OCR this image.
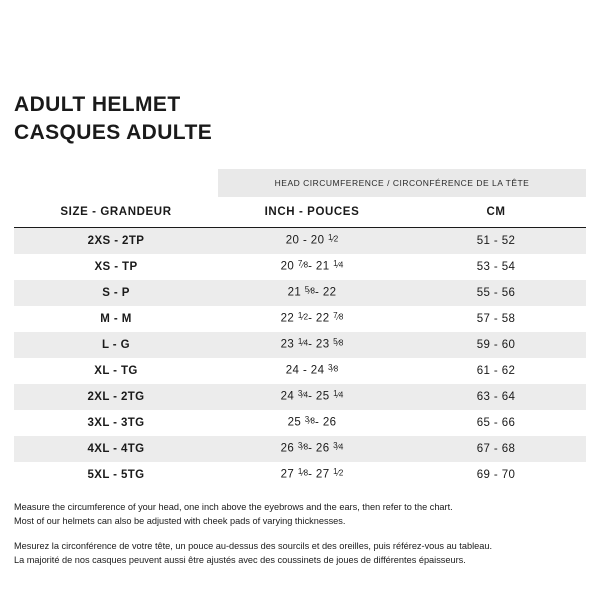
ADULT HELMET
CASQUES ADULTE
	HEAD CIRCUMFERENCE / CIRCONFÉRENCE DE LA TÊTE	
SIZE - GRANDEUR	INCH - POUCES	CM
2XS - 2TP	20 - 20 $^1⁄_2$	51 - 52
XS - TP	20 $^7⁄_8-$ 21 $^1⁄_4$	53 - 54
S - P	21 $^5⁄_8-$ 22	55 - 56
M - M	22 $^1⁄_2-$ 22 $^7⁄_8$	57 - 58
L - G	23 $^1⁄_4-$ 23 $^5⁄_8$	59 - 60
XL - TG	24 - 24 $^3⁄_8$	61 - 62
2XL - 2TG	24 $^3⁄_4-$ 25 $^1⁄_4$	63 - 64
3XL - 3TG	25 $^3⁄_8-$ 26	65 - 66
4XL - 4TG	26 $^3⁄_8-$ 26 $^3⁄_4$	67 - 68
5XL - 5TG	27 $^1⁄_8-$ 27 $^1⁄_2$	69 - 70

Measure the circumference of your head, one inch above the eyebrows and the ears, then refer to the chart.

Most of our helmets can also be adjusted with cheek pads of varying thicknesses.

Mesurez la circonférence de votre tête, un pouce au-dessus des sourcils et des oreilles, puis référez-vous au tableau.

La majorité de nos casques peuvent aussi être ajustés avec des coussinets de joues de différentes épaisseurs.
